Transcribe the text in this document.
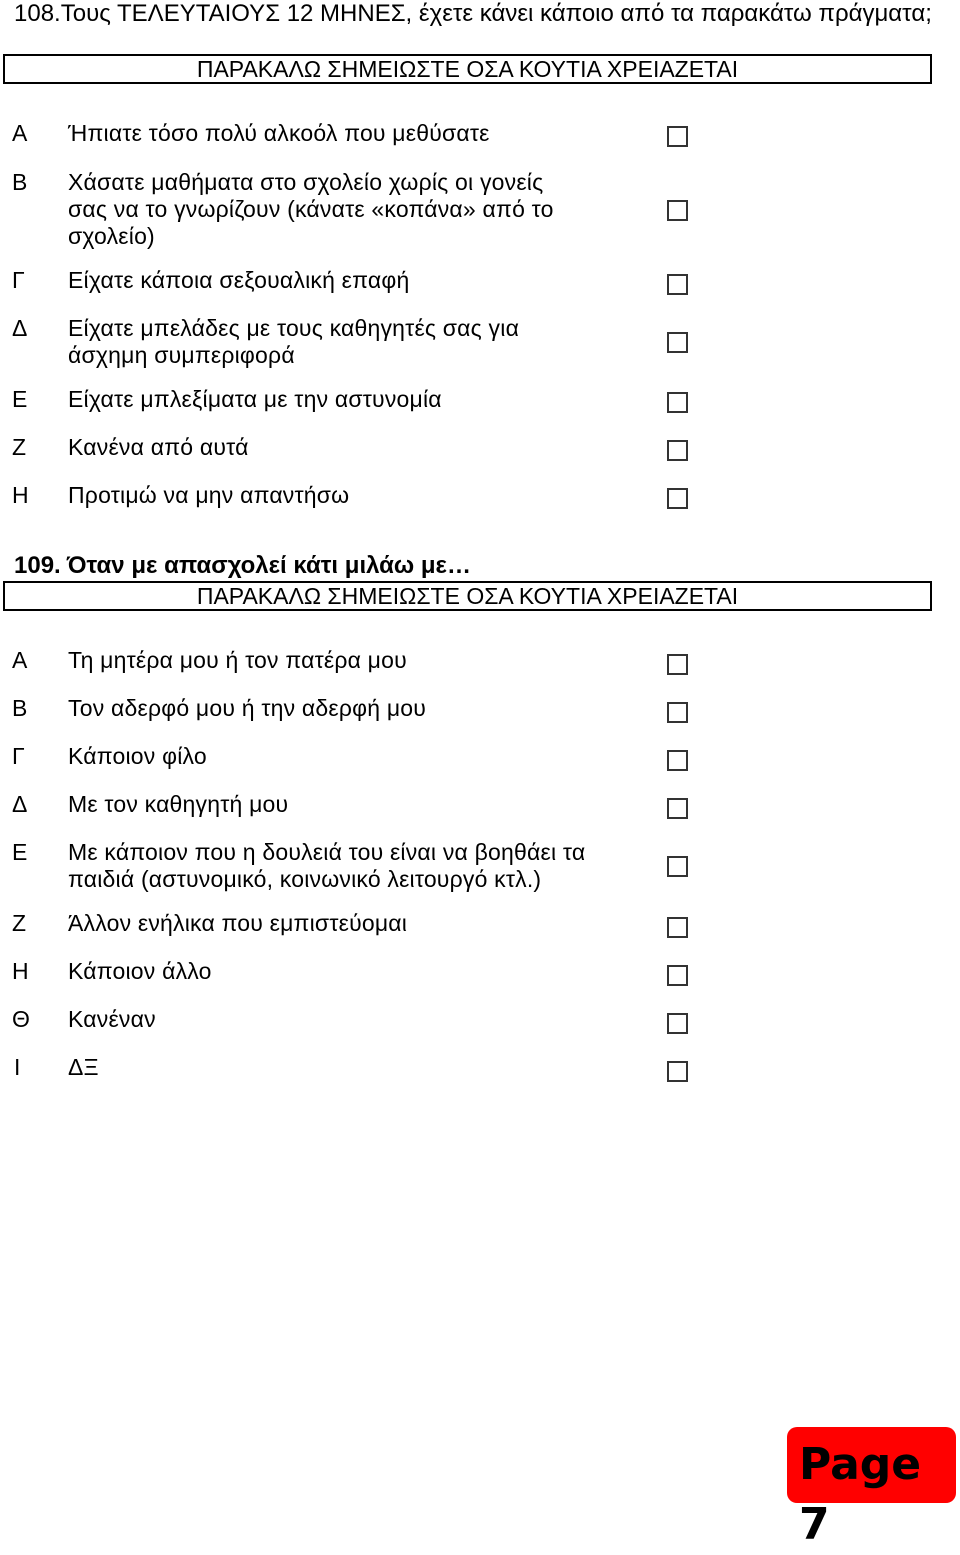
108.Τους ΤΕΛΕΥΤΑΙΟΥΣ 12 ΜΗΝΕΣ, έχετε κάνει κάποιο από τα παρακάτω πράγματα;

ΠΑΡΑΚΑΛΩ ΣΗΜΕΙΩΣΤΕ ΟΣΑ ΚΟΥΤΙΑ ΧΡΕΙΑΖΕΤΑΙ
Α	Ήπιατε τόσο πολύ αλκοόλ που μεθύσατε
Β	Χάσατε μαθήματα στο σχολείο χωρίς οι γονείς σας να το γνωρίζουν (κάνατε «κοπάνα» από το σχολείο)
Γ	Είχατε κάποια σεξουαλική επαφή
Δ	Είχατε μπελάδες με τους καθηγητές σας για άσχημη συμπεριφορά
Ε	Είχατε μπλεξίματα με την αστυνομία
Ζ	Κανένα από αυτά
Η	Προτιμώ να μην απαντήσω

109. Όταν με απασχολεί κάτι μιλάω με…

ΠΑΡΑΚΑΛΩ ΣΗΜΕΙΩΣΤΕ ΟΣΑ ΚΟΥΤΙΑ ΧΡΕΙΑΖΕΤΑΙ
Α	Τη μητέρα μου ή τον πατέρα μου
Β	Τον αδερφό μου ή την αδερφή μου
Γ	Κάποιον φίλο
Δ	Με τον καθηγητή μου
Ε	Με κάποιον που η δουλειά του είναι να βοηθάει τα παιδιά (αστυνομικό, κοινωνικό λειτουργό κτλ.)
Ζ	Άλλον ενήλικα που εμπιστεύομαι
Η	Κάποιον άλλο
Θ	Κανέναν
Ι	ΔΞ
Page 7
